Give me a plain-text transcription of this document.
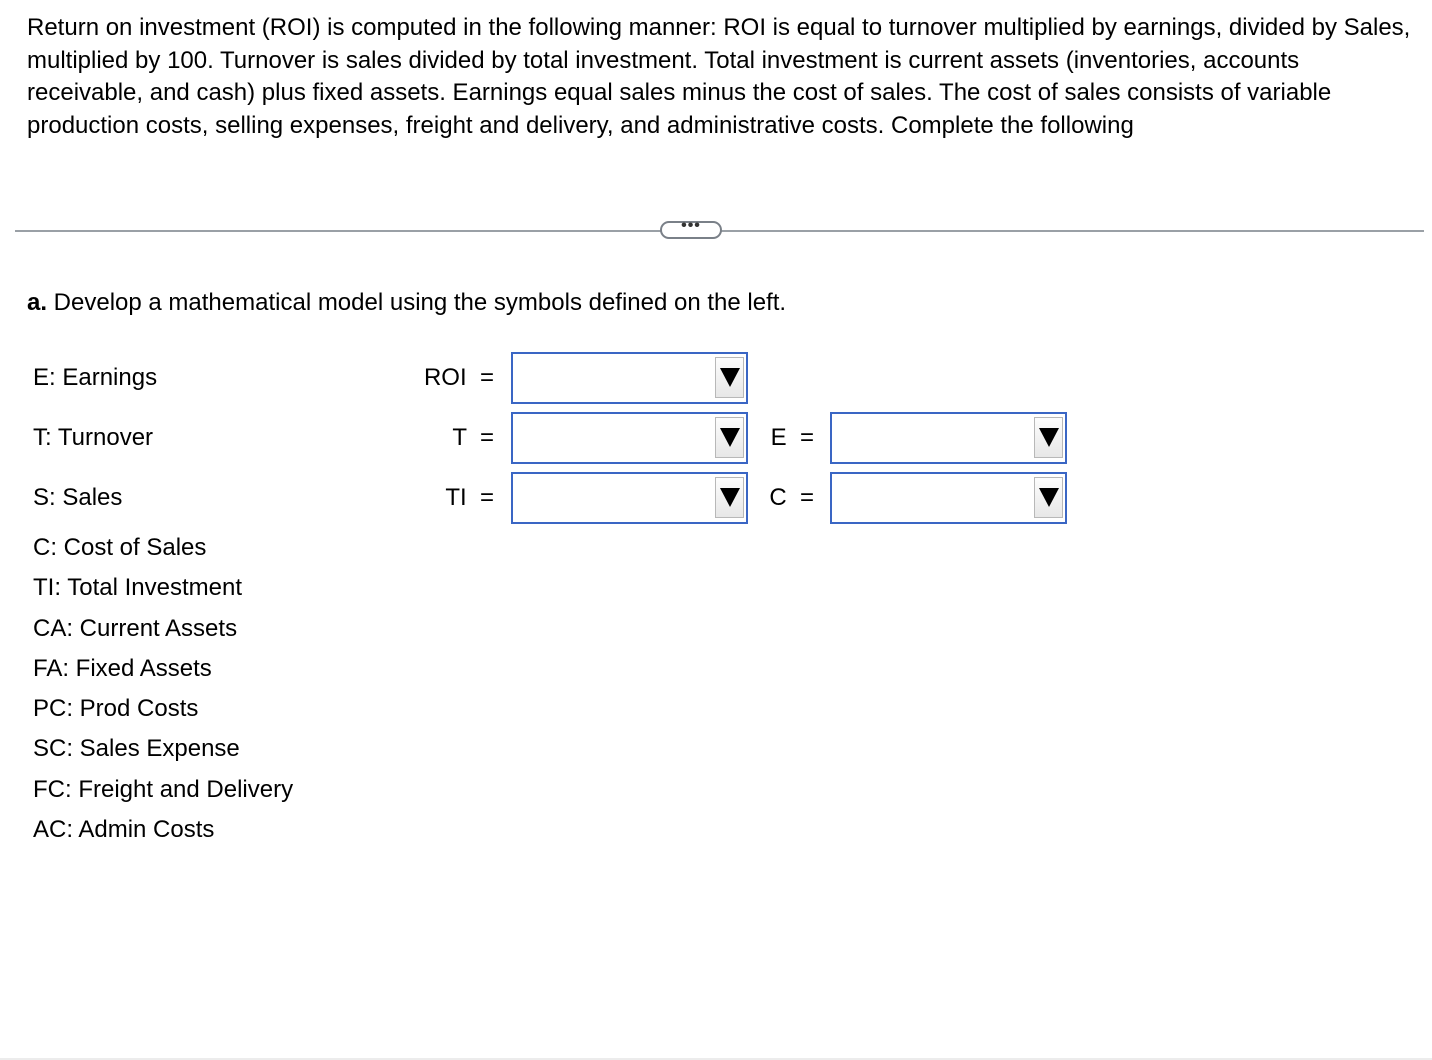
Return on investment (ROI) is computed in the following manner: ROI is equal to turnover multiplied by earnings, divided by Sales, multiplied by 100. Turnover is sales divided by total investment. Total investment is current assets (inventories, accounts receivable, and cash) plus fixed assets. Earnings equal sales minus the cost of sales. The cost of sales consists of variable production costs, selling expenses, freight and delivery, and administrative costs. Complete the following
•••
a. Develop a mathematical model using the symbols defined on the left.
E: Earnings
T: Turnover
S: Sales
C: Cost of Sales
TI: Total Investment
CA: Current Assets
FA: Fixed Assets
PC: Prod Costs
SC: Sales Expense
FC: Freight and Delivery
AC: Admin Costs
ROI  =
T  =	E  =
TI  =	C  =
